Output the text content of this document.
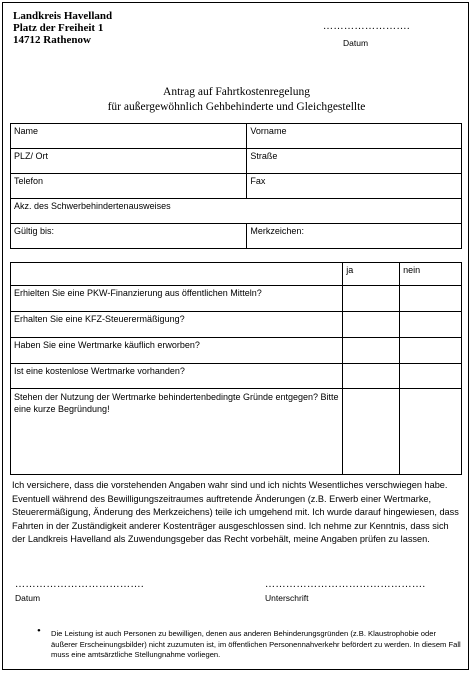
Landkreis Havelland
Platz der Freiheit 1
14712 Rathenow
…………………….
Datum
Antrag auf Fahrtkostenregelung
für außergewöhnlich Gehbehinderte und Gleichgestellte
Name	Vorname
PLZ/ Ort	Straße
Telefon	Fax
Akz. des Schwerbehindertenausweises	
Gültig bis:	Merkzeichen:
	ja	nein
Erhielten Sie eine PKW-Finanzierung aus öffentlichen Mitteln?		
Erhalten Sie eine KFZ-Steuerermäßigung?		
Haben Sie eine Wertmarke käuflich erworben?		
Ist eine kostenlose Wertmarke vorhanden?		
Stehen der Nutzung der Wertmarke behindertenbedingte Gründe entgegen? Bitte eine kurze Begründung!		
Ich versichere, dass die vorstehenden Angaben wahr sind und ich nichts Wesentliches verschwiegen habe. Eventuell während des Bewilligungszeitraumes auftretende Änderungen (z.B. Erwerb einer Wertmarke, Steuerermäßigung, Änderung des Merkzeichens) teile ich umgehend mit. Ich wurde darauf hingewiesen, dass Fahrten in der Zuständigkeit anderer Kostenträger ausgeschlossen sind. Ich nehme zur Kenntnis, dass sich der Landkreis Havelland als Zuwendungsgeber das Recht vorbehält, meine Angaben prüfen zu lassen.
……………………………….	……………………………………….
Datum	Unterschrift
• Die Leistung ist auch Personen zu bewilligen, denen aus anderen Behinderungsgründen (z.B. Klaustrophobie oder äußerer Erscheinungsbilder) nicht zuzumuten ist, im öffentlichen Personennahverkehr befördert zu werden. In diesem Fall muss eine amtsärztliche Stellungnahme vorliegen.
